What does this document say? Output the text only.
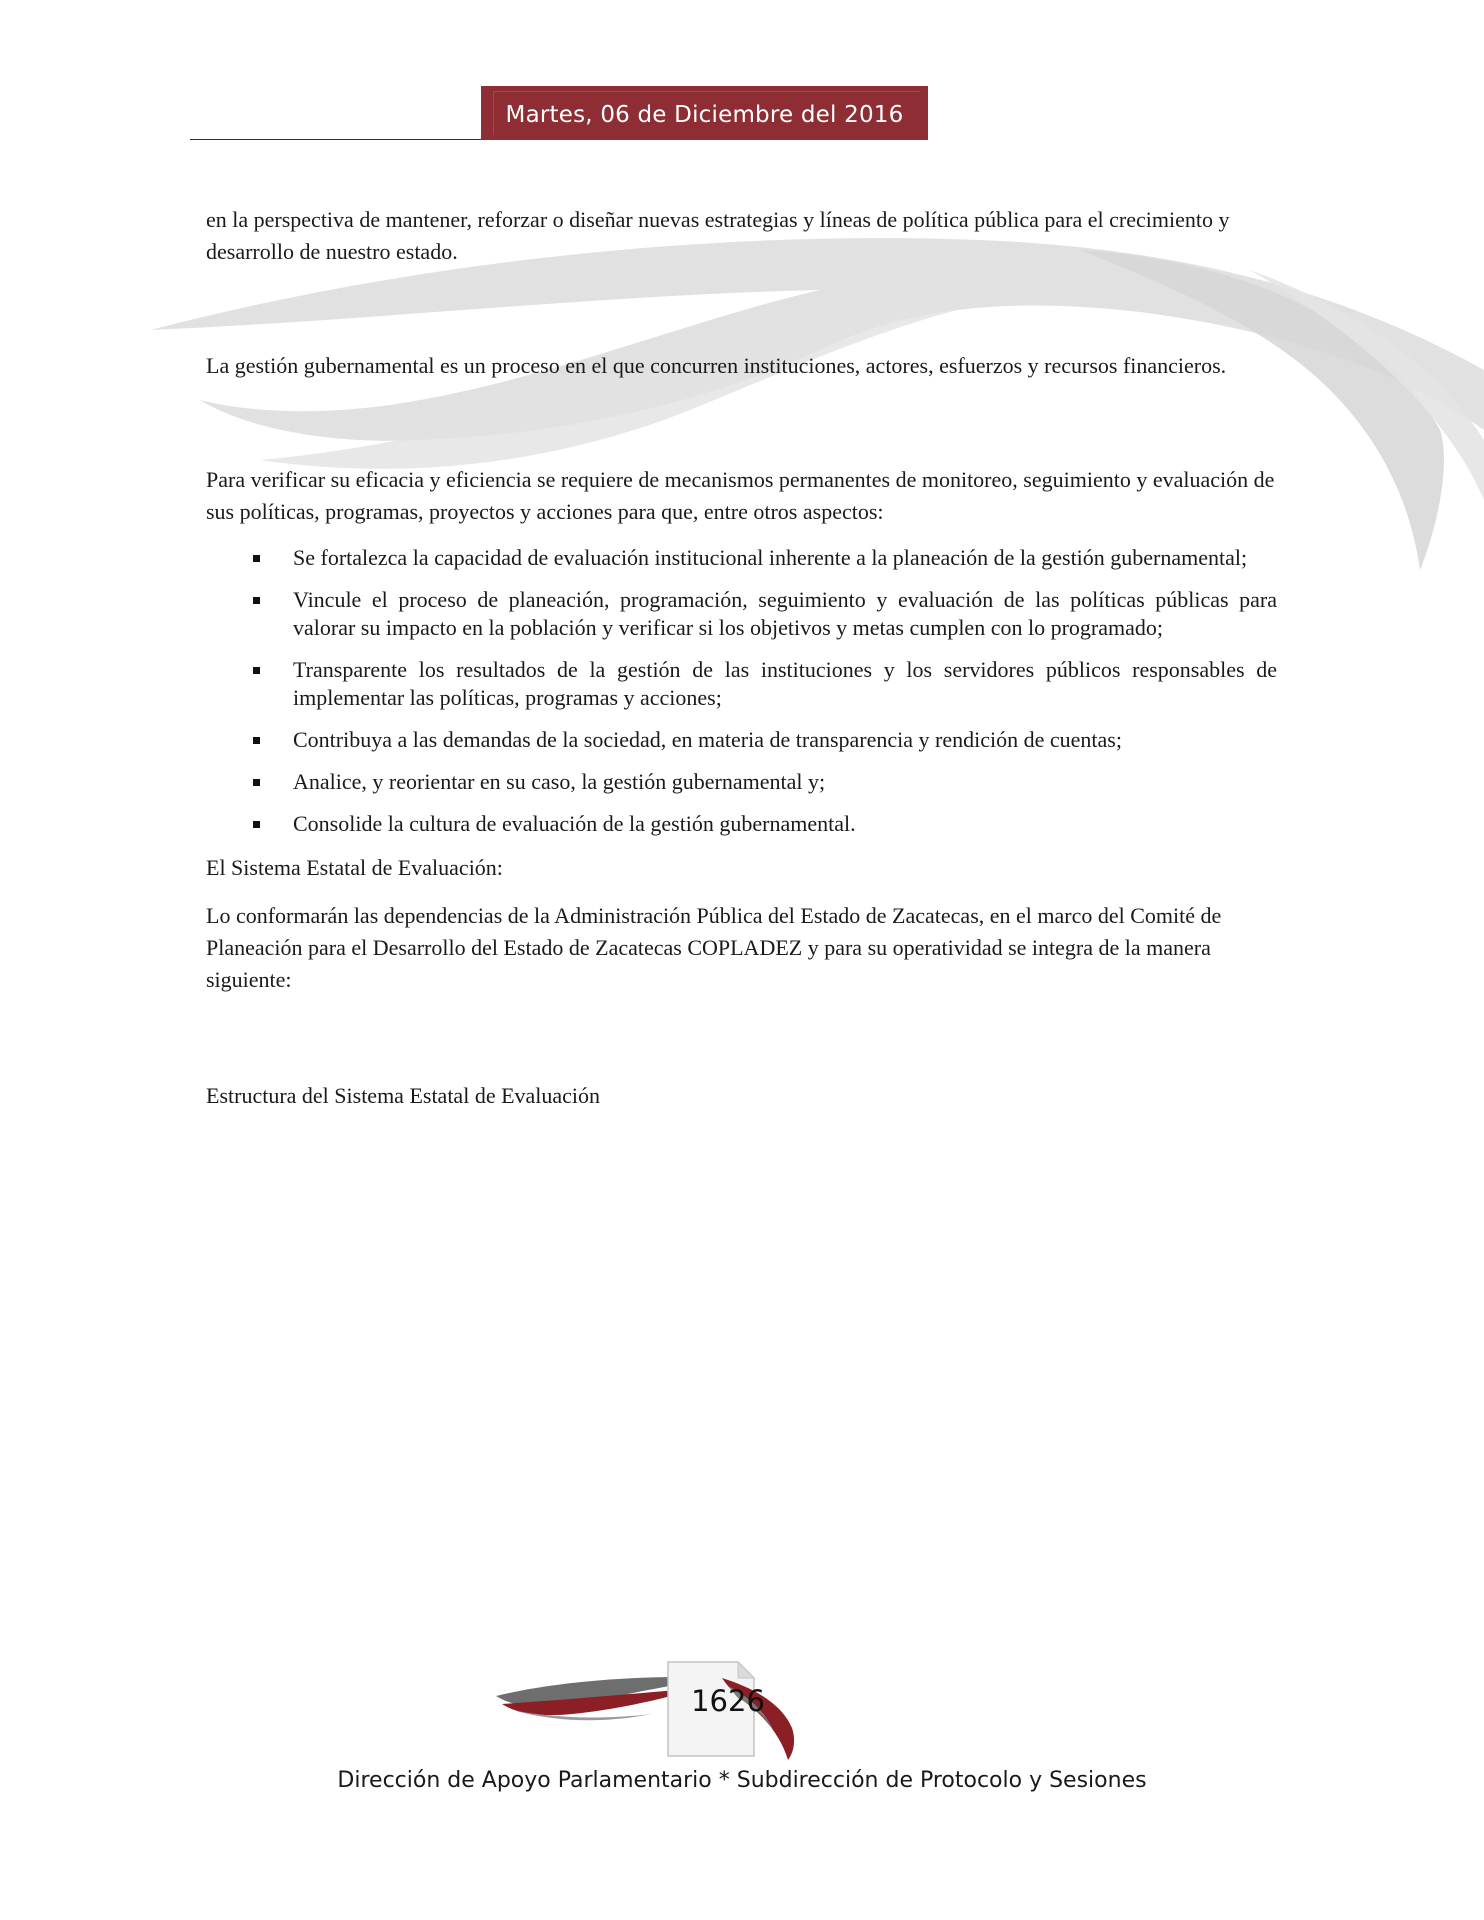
Martes, 06 de Diciembre del 2016

en la perspectiva de mantener, reforzar o diseñar nuevas estrategias y líneas de política pública para el crecimiento y desarrollo de nuestro estado.

La gestión gubernamental es un proceso en el que concurren instituciones, actores, esfuerzos y recursos financieros.

Para verificar su eficacia y eficiencia se requiere de mecanismos permanentes de monitoreo, seguimiento y evaluación de sus políticas, programas, proyectos y acciones para que, entre otros aspectos:

Se fortalezca la capacidad de evaluación institucional inherente a la planeación de la gestión gubernamental;
Vincule el proceso de planeación, programación, seguimiento y evaluación de las políticas públicas para valorar su impacto en la población y verificar si los objetivos y metas cumplen con lo programado;
Transparente los resultados de la gestión de las instituciones y los servidores públicos responsables de implementar las políticas, programas y acciones;
Contribuya a las demandas de la sociedad, en materia de transparencia y rendición de cuentas;
Analice, y reorientar en su caso, la gestión gubernamental y;
Consolide la cultura de evaluación de la gestión gubernamental.

El Sistema Estatal de Evaluación:

Lo conformarán las dependencias de la Administración Pública del Estado de Zacatecas, en el marco del Comité de Planeación para el Desarrollo del Estado de Zacatecas COPLADEZ y para su operatividad se integra de la manera siguiente:

Estructura del Sistema Estatal de Evaluación

1626
Dirección de Apoyo Parlamentario * Subdirección de Protocolo y Sesiones
